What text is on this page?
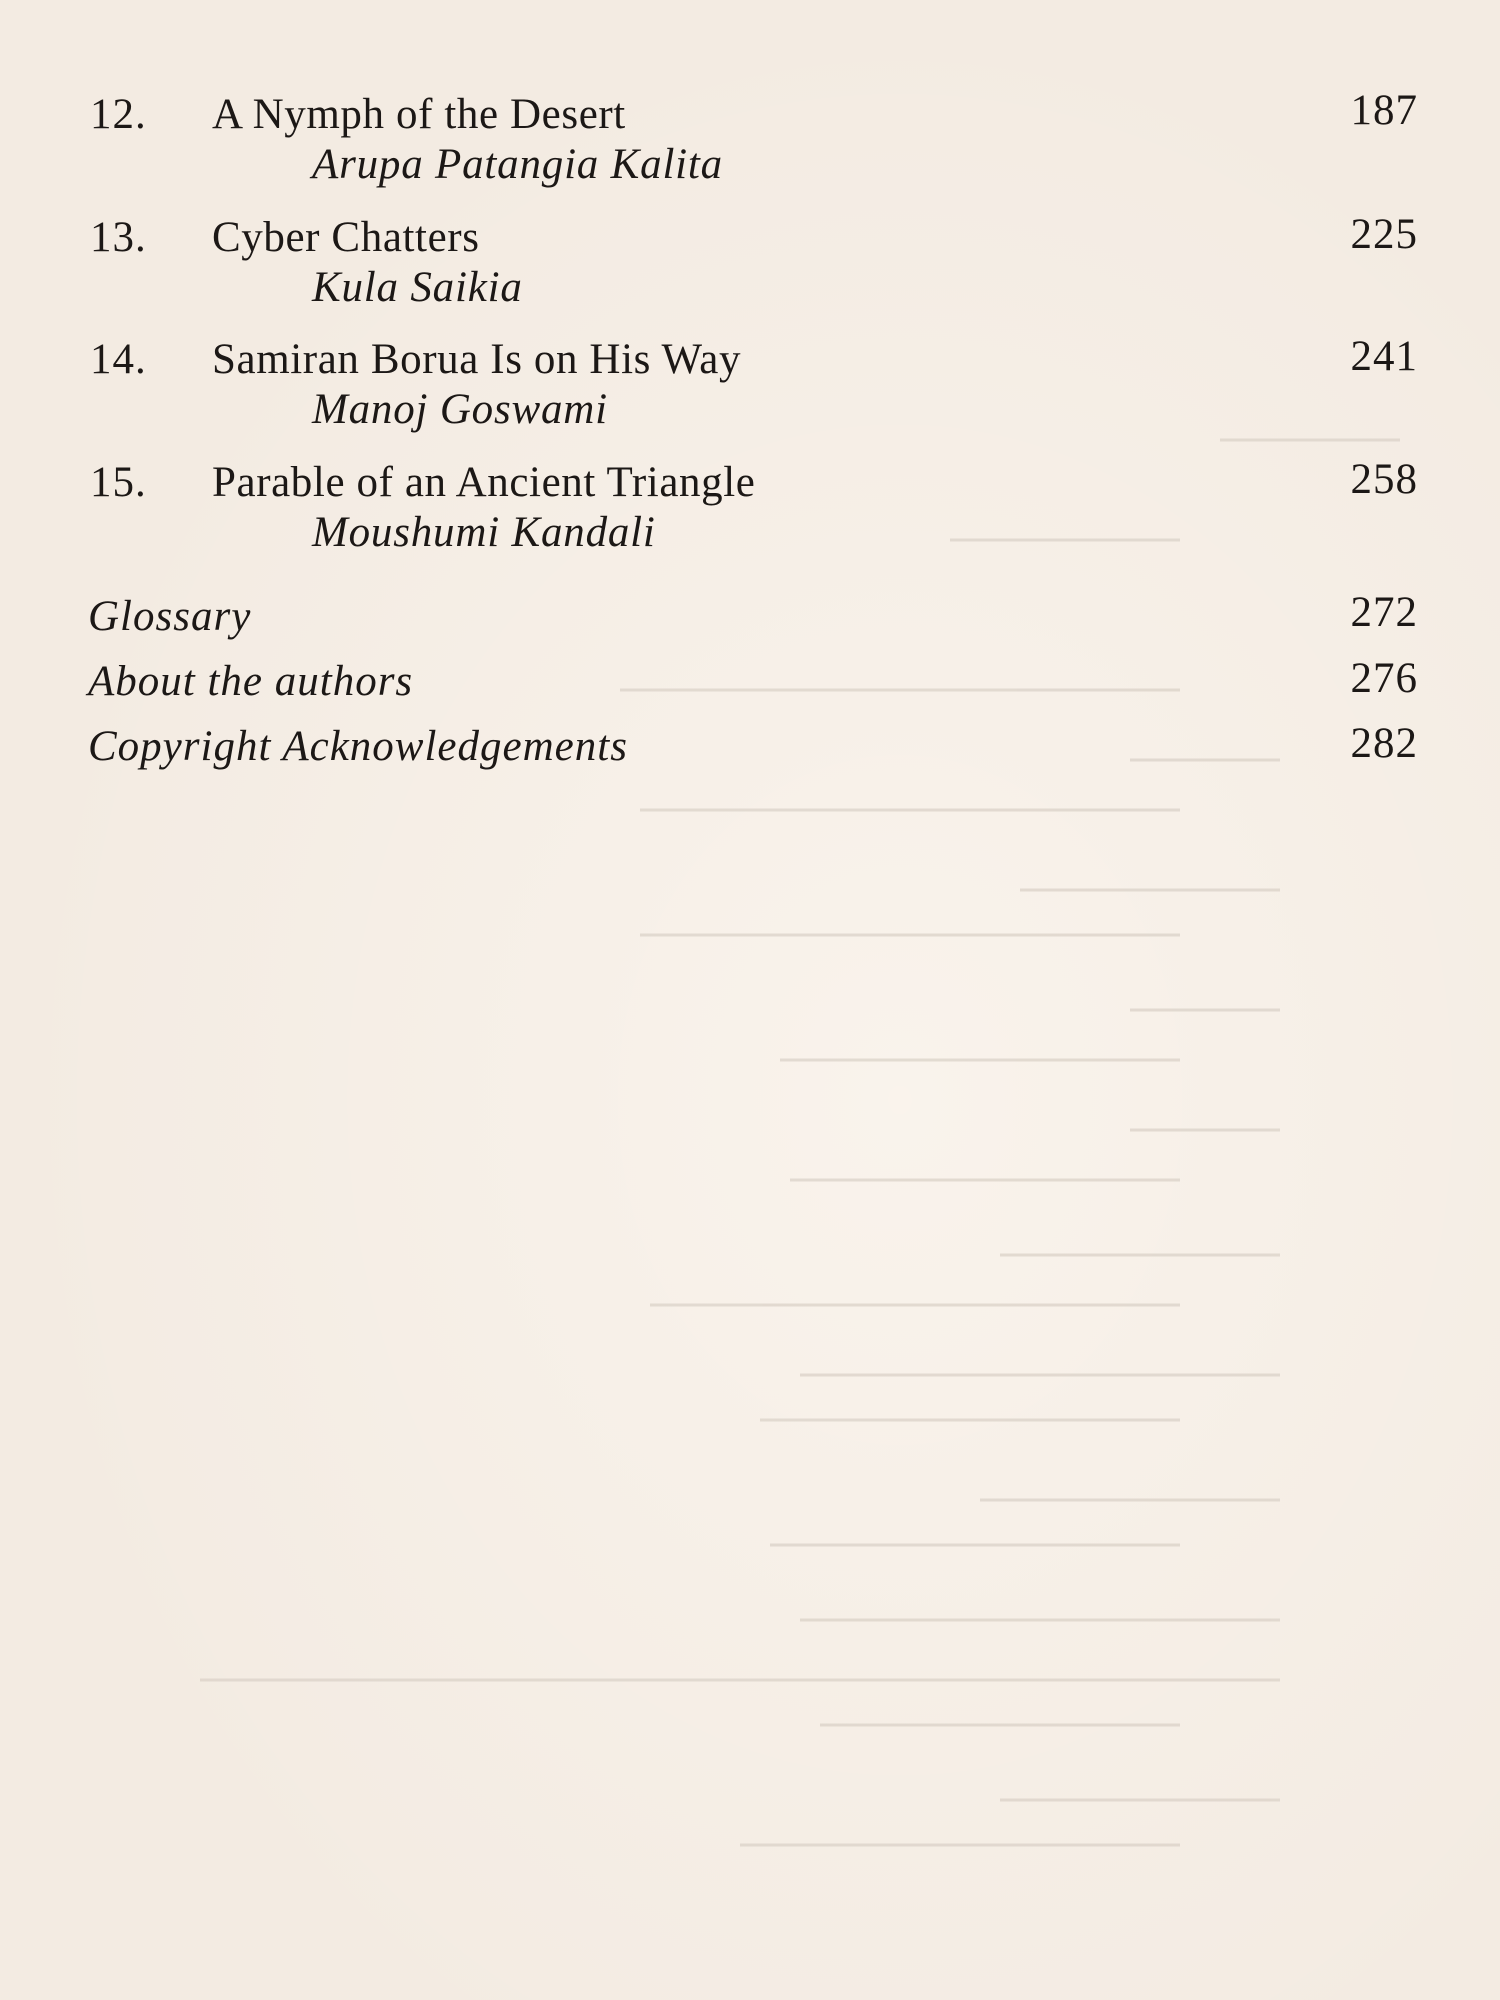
12. A Nymph of the Desert	187
Arupa Patangia Kalita
13. Cyber Chatters	225
Kula Saikia
14. Samiran Borua Is on His Way	241
Manoj Goswami
15. Parable of an Ancient Triangle	258
Moushumi Kandali
Glossary	272
About the authors	276
Copyright Acknowledgements	282
